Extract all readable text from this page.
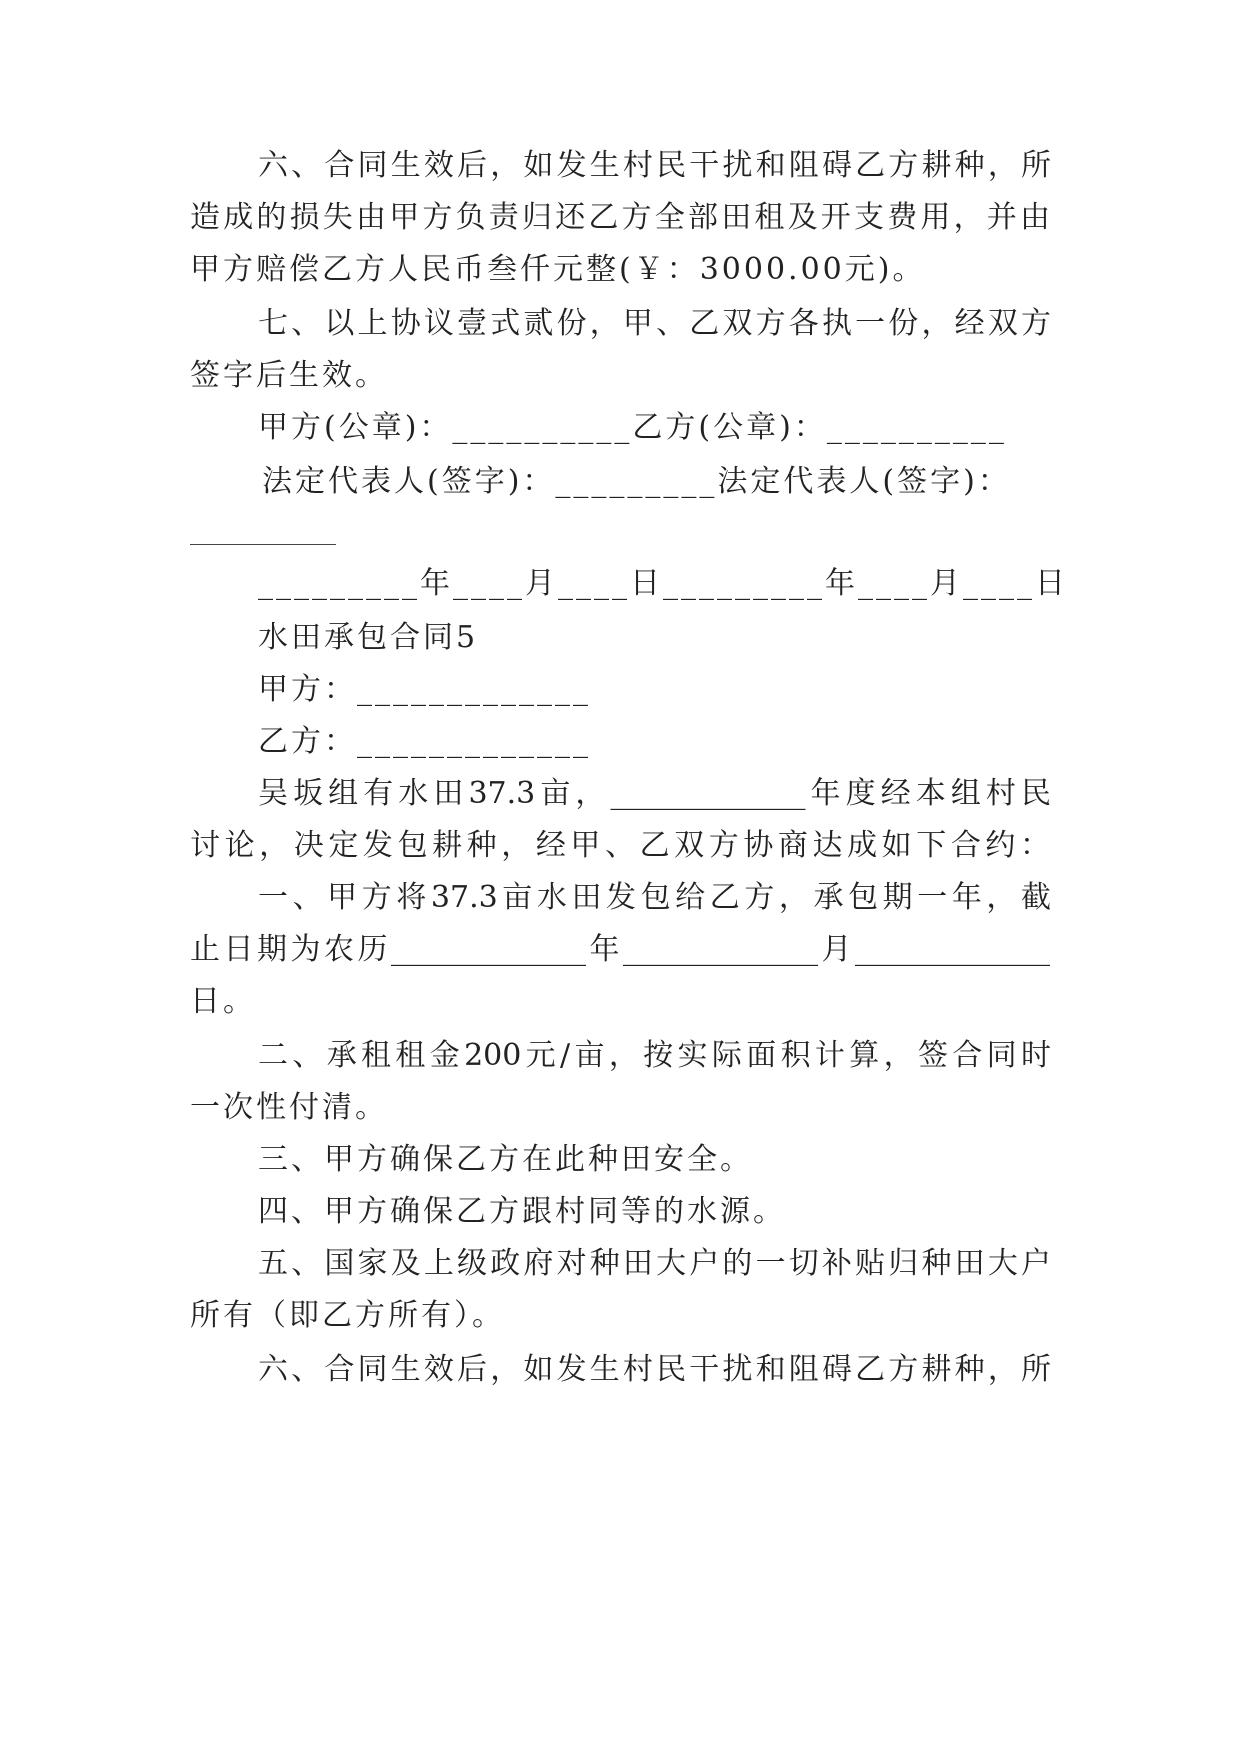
六、合同生效后，如发生村民干扰和阻碍乙方耕种，所
造成的损失由甲方负责归还乙方全部田租及开支费用，并由
甲方赔偿乙方人民币叁仟元整(￥：3000.00元)。
七、以上协议壹式贰份，甲、乙双方各执一份，经双方
签字后生效。
甲方(公章)：__________乙方(公章)：__________
法定代表人(签字)：_________法定代表人(签字)：
_________年____月____日_________年____月____日
水田承包合同5
甲方：_____________
乙方：_____________
吴坂组有水田37.3亩，_____________年度经本组村民
讨论，决定发包耕种，经甲、乙双方协商达成如下合约：
一、甲方将37.3亩水田发包给乙方，承包期一年，截
止日期为农历_____________年_____________月_____________
日。
二、承租租金200元/亩，按实际面积计算，签合同时
一次性付清。
三、甲方确保乙方在此种田安全。
四、甲方确保乙方跟村同等的水源。
五、国家及上级政府对种田大户的一切补贴归种田大户
所有（即乙方所有）。
六、合同生效后，如发生村民干扰和阻碍乙方耕种，所
